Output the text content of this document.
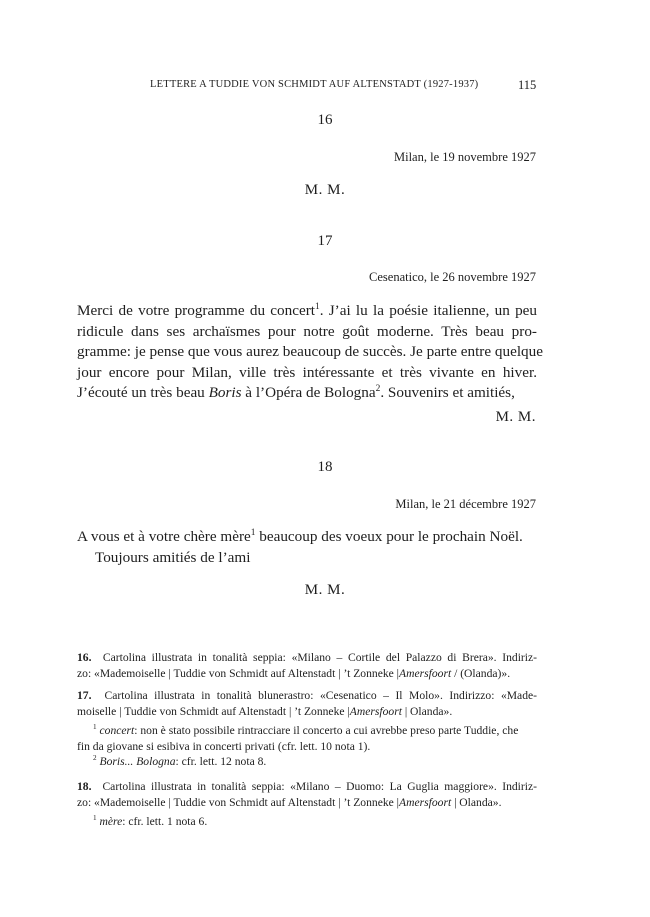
LETTERE A TUDDIE VON SCHMIDT AUF ALTENSTADT (1927-1937)	115
16
Milan, le 19 novembre 1927
M. M.
17
Cesenatico, le 26 novembre 1927
Merci de votre programme du concert$^1$. J’ai lu la poésie italienne, un peu
ridicule dans ses archaïsmes pour notre goût moderne. Très beau pro-
gramme: je pense que vous aurez beaucoup de succès. Je parte entre quelque
jour encore pour Milan, ville très intéressante et très vivante en hiver.
J’écouté un très beau Boris à l’Opéra de Bologna$^2$. Souvenirs et amitiés,
M. M.
18
Milan, le 21 décembre 1927
A vous et à votre chère mère$^1$ beaucoup des voeux pour le prochain Noël.
Toujours amitiés de l’ami
M. M.
16. Cartolina illustrata in tonalità seppia: «Milano – Cortile del Palazzo di Brera». Indiriz-
zo: «Mademoiselle | Tuddie von Schmidt auf Altenstadt | ’t Zonneke |Amersfoort / (Olanda)».
17. Cartolina illustrata in tonalità blunerastro: «Cesenatico – Il Molo». Indirizzo: «Made-
moiselle | Tuddie von Schmidt auf Altenstadt | ’t Zonneke |Amersfoort | Olanda».
$^1$ concert: non è stato possibile rintracciare il concerto a cui avrebbe preso parte Tuddie, che
fin da giovane si esibiva in concerti privati (cfr. lett. 10 nota 1).
$^2$ Boris... Bologna: cfr. lett. 12 nota 8.
18. Cartolina illustrata in tonalità seppia: «Milano – Duomo: La Guglia maggiore». Indiriz-
zo: «Mademoiselle | Tuddie von Schmidt auf Altenstadt | ’t Zonneke |Amersfoort | Olanda».
$^1$ mère: cfr. lett. 1 nota 6.
